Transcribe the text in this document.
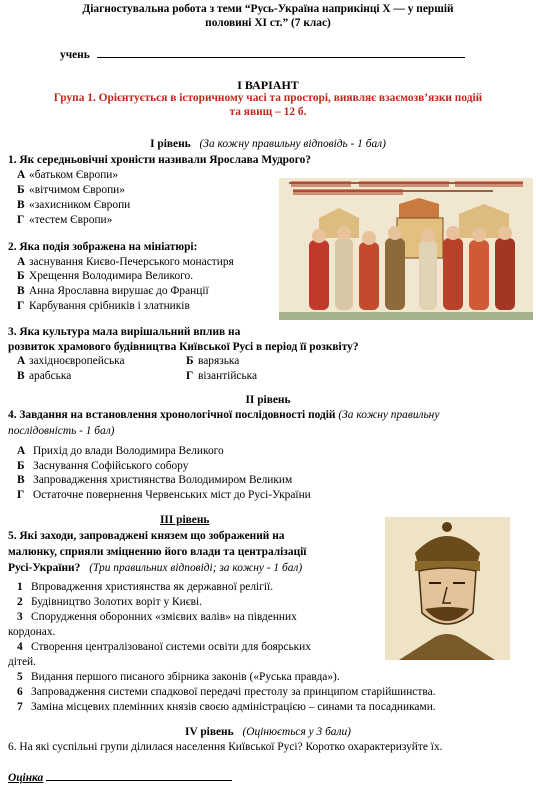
Діагностувальна робота з теми “Русь-Україна наприкінці Х — у першій
половині ХІ ст.” (7 клас)
учень
І ВАРІАНТ
Група 1. Орієнтується в історичному часі та просторі, виявляє взаємозв’язки подій
та явищ – 12 б.
І рівень (За кожну правильну відповідь - 1 бал)
1. Як середньовічні хроністи називали Ярослава Мудрого?
А «батьком Європи»
Б «вітчимом Європи»
В «захисником Європи
Г «тестем Європи»
2. Яка подія зображена на мініатюрі:
А заснування Києво-Печерського монастиря
Б Хрещення Володимира Великого.
В Анна Ярославна вирушає до Франції
Г Карбування срібників і златників
3. Яка культура мала вирішальний вплив на
розвиток храмового будівництва Київської Русі в період її розквіту?
А західноєвропейська	Б варязька
В арабська	Г візантійська
ІІ рівень
4. Завдання на встановлення хронологічної послідовності подій (За кожну правильну
послідовність - 1 бал)
А Прихід до влади Володимира Великого
Б Заснування Софійського собору
В Запровадження християнства Володимиром Великим
Г Остаточне повернення Червенських міст до Русі-України
ІІІ рівень
5. Які заходи, запроваджені князем що зображений на
малюнку, сприяли зміцненню його влади та централізації
Русі-України? (Три правильних відповіді; за кожну - 1 бал)
1 Впровадження християнства як державної релігії.
2 Будівництво Золотих воріт у Києві.
3 Спорудження оборонних «змієвих валів» на південних
кордонах.
4 Створення централізованої системи освіти для боярських
дітей.
5 Видання першого писаного збірника законів («Руська правда»).
6 Запровадження системи спадкової передачі престолу за принципом старійшинства.
7 Заміна місцевих племінних князів своєю адміністрацією – синами та посадниками.
IV рівень (Оцінюється у 3 бали)
6. На які суспільні групи ділилася населення Київської Русі? Коротко охарактеризуйте їх.
Оцінка
